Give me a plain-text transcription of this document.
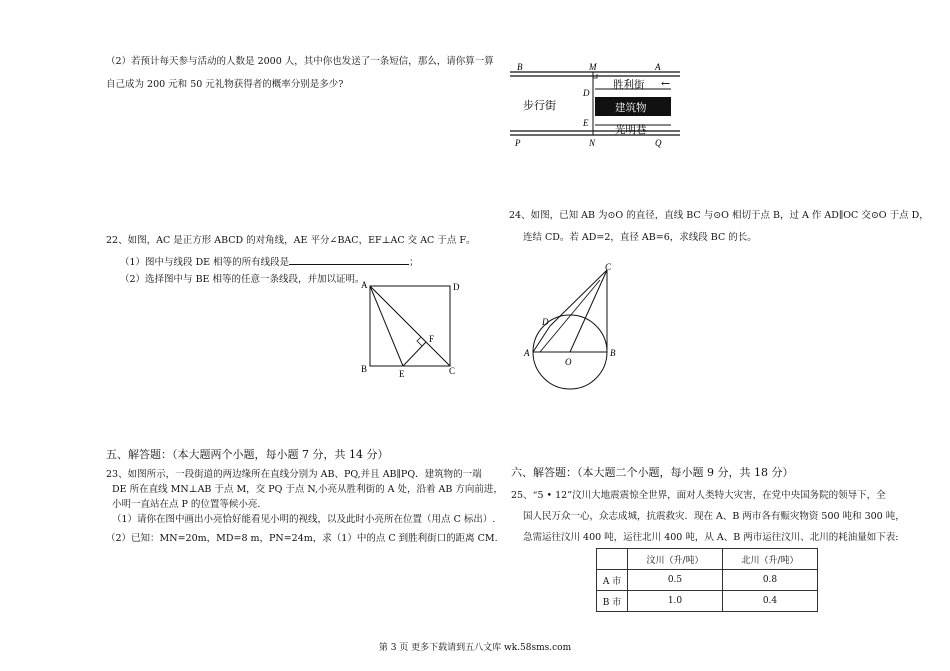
（2）若预计每天参与活动的人数是 2000 人，其中你也发送了一条短信，那么，请你算一算
自己成为 200 元和 50 元礼物获得者的概率分别是多少?
22、如图，AC 是正方形 ABCD 的对角线，AE 平分∠BAC，EF⊥AC 交 AC 于点 F。
（1）图中与线段 DE 相等的所有线段是	；
（2）选择图中与 BE 相等的任意一条线段，并加以证明。
A	D
F
B	E	C
五、解答题：（本大题两个小题，每小题 7 分，共 14 分）
23、如图所示，一段街道的两边缘所在直线分别为 AB、PQ,并且 AB∥PQ．建筑物的一端
DE 所在直线 MN⊥AB 于点 M，交 PQ 于点 N,小亮从胜利街的 A 处，沿着 AB 方向前进，
小明一直站在点 P 的位置等候小亮.
（1）请你在图中画出小亮恰好能看见小明的视线，以及此时小亮所在位置（用点 C 标出）.
（2）已知：MN=20m，MD=8 m，PN=24m，求（1）中的点 C 到胜利街口的距离 CM.
B	M	A
D
E
P	N	Q
胜利街 ←
建筑物
光明巷
步行街
24、如图，已知 AB 为⊙O 的直径，直线 BC 与⊙O 相切于点 B，过 A 作 AD∥OC 交⊙O 于点 D，
连结 CD。若 AD=2，直径 AB=6，求线段 BC 的长。
C
D
A
O
B
六、解答题：（本大题二个小题，每小题 9 分，共 18 分）
25、“5 • 12”汶川大地震震惊全世界，面对人类特大灾害，在党中央国务院的领导下，全
国人民万众一心，众志成城，抗震救灾．现在 A、B 两市各有赈灾物资 500 吨和 300 吨，
急需运往汶川 400 吨，运往北川 400 吨，从 A、B 两市运往汶川、北川的耗油量如下表:
	汶川（升/吨）	北川（升/吨）
A 市	0.5	0.8
B 市	1.0	0.4
第 3 页 更多下载请到五八文库 wk.58sms.com
